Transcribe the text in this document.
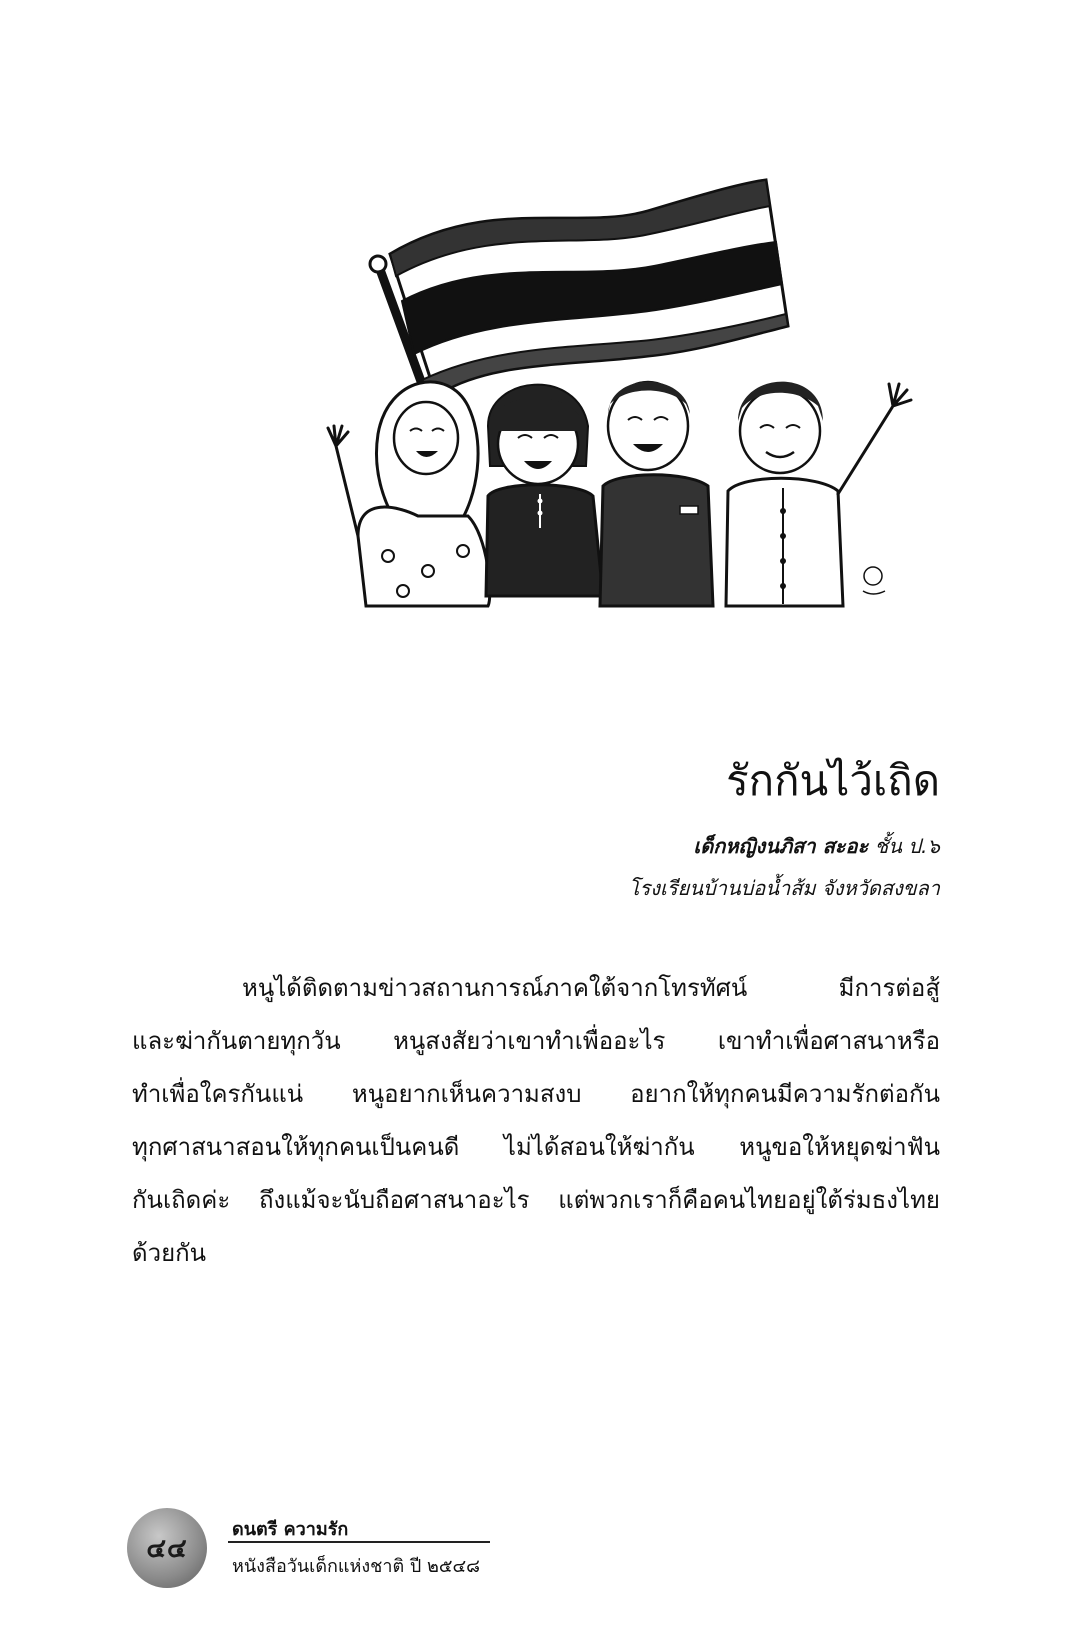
รักกันไว้เถิด
เด็กหญิงนภิสา สะอะ ชั้น ป.๖
โรงเรียนบ้านบ่อน้ำส้ม จังหวัดสงขลา
หนูได้ติดตามข่าวสถานการณ์ภาคใต้จากโทรทัศน์	มีการต่อสู้
และฆ่ากันตายทุกวัน หนูสงสัยว่าเขาทำเพื่ออะไร เขาทำเพื่อศาสนาหรือ
ทำเพื่อใครกันแน่ หนูอยากเห็นความสงบ อยากให้ทุกคนมีความรักต่อกัน
ทุกศาสนาสอนให้ทุกคนเป็นคนดี ไม่ได้สอนให้ฆ่ากัน หนูขอให้หยุดฆ่าฟัน
กันเถิดค่ะ ถึงแม้จะนับถือศาสนาอะไร แต่พวกเราก็คือคนไทยอยู่ใต้ร่มธงไทย
ด้วยกัน
๔๔
ดนตรี ความรัก
หนังสือวันเด็กแห่งชาติ ปี ๒๕๔๘
